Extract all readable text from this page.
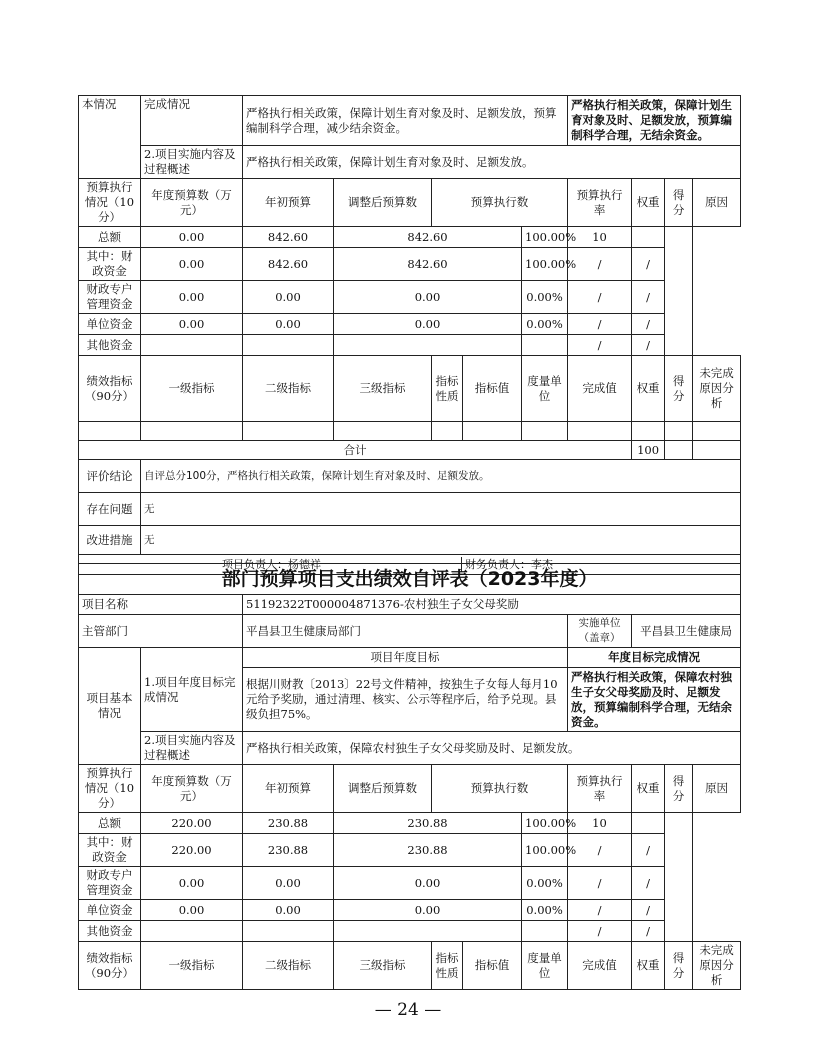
本情况	完成情况	严格执行相关政策，保障计划生育对象及时、足额发放，预算编制科学合理，减少结余资金。					严格执行相关政策，保障计划生育对象及时、足额发放，预算编制科学合理，无结余资金。			
	2.项目实施内容及过程概述	严格执行相关政策，保障计划生育对象及时、足额发放。								
预算执行情况（10分）	年度预算数（万元）	年初预算	调整后预算数	预算执行数			预算执行率	权重	得分	原因
总额	0.00	842.60	842.60			100.00%	10			
其中：财政资金	0.00	842.60	842.60			100.00%	/	/		
财政专户管理资金	0.00	0.00	0.00			0.00%	/	/		
单位资金	0.00	0.00	0.00			0.00%	/	/		
其他资金							/	/		
绩效指标（90分）	一级指标	二级指标	三级指标	指标性质	指标值	度量单位	完成值	权重	得分	未完成原因分析

合计								100		
评价结论	自评总分100分，严格执行相关政策，保障计划生育对象及时、足额发放。									
存在问题	无									
改进措施	无									

项目负责人：杨德祥 财务负责人：李杰										
部门预算项目支出绩效自评表（2023年度）										
项目名称		51192322T000004871376-农村独生子女父母奖励								
主管部门		平昌县卫生健康局部门					实施单位（盖章）	平昌县卫生健康局		
项目基本情况	1.项目年度目标完成情况	项目年度目标					年度目标完成情况			
		根据川财教〔2013〕22号文件精神，按独生子女每人每月10元给予奖励，通过清理、核实、公示等程序后，给予兑现。县级负担75%。					严格执行相关政策，保障农村独生子女父母奖励及时、足额发放，预算编制科学合理，无结余资金。			
	2.项目实施内容及过程概述	严格执行相关政策，保障农村独生子女父母奖励及时、足额发放。								
预算执行情况（10分）	年度预算数（万元）	年初预算	调整后预算数	预算执行数			预算执行率	权重	得分	原因
总额	220.00	230.88	230.88			100.00%	10			
其中：财政资金	220.00	230.88	230.88			100.00%	/	/		
财政专户管理资金	0.00	0.00	0.00			0.00%	/	/		
单位资金	0.00	0.00	0.00			0.00%	/	/		
其他资金							/	/		
绩效指标（90分）	一级指标	二级指标	三级指标	指标性质	指标值	度量单位	完成值	权重	得分	未完成原因分析
— 24 —
